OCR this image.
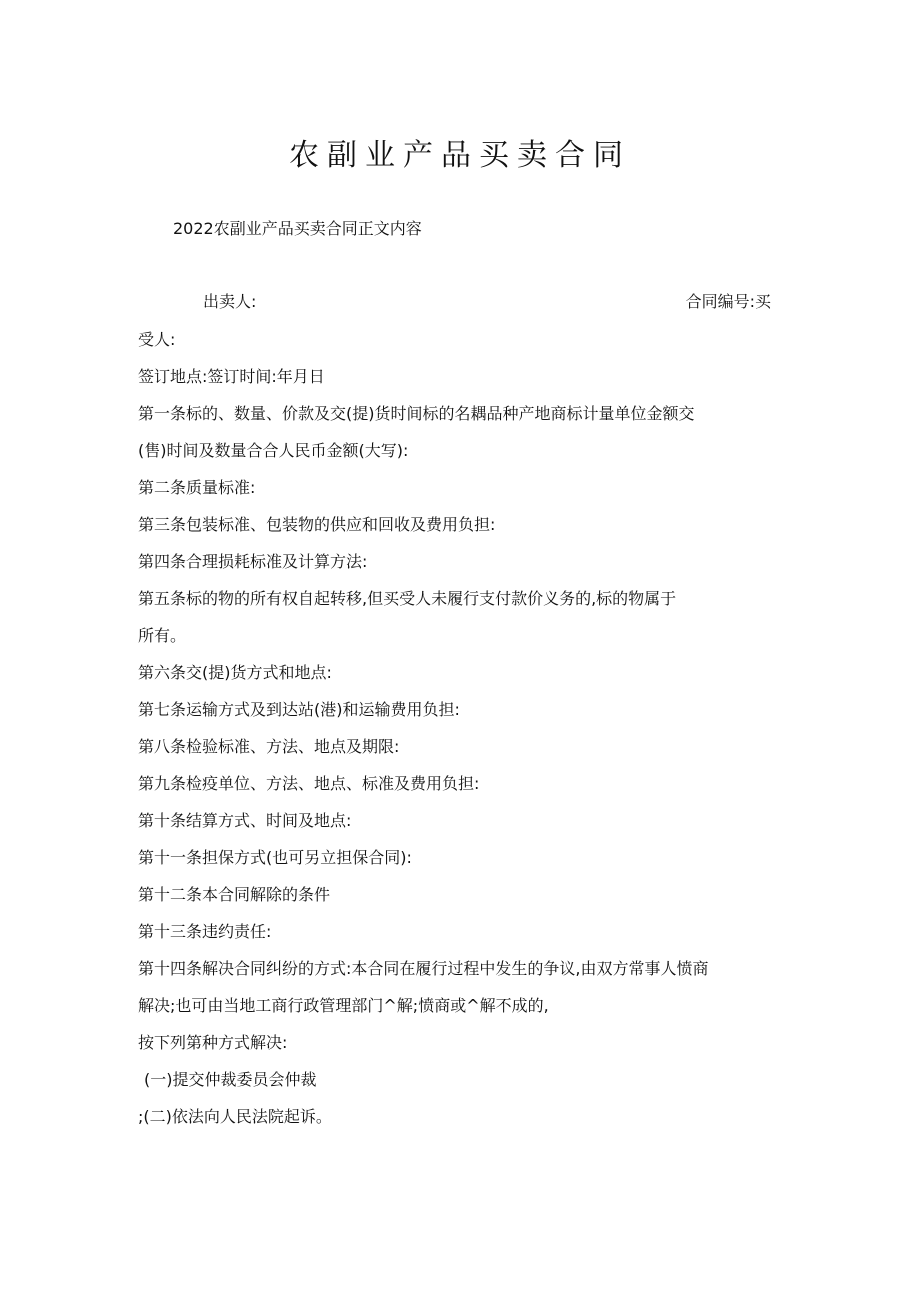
农副业产品买卖合同

2022农副业产品买卖合同正文内容

出卖人:	合同编号:买
受人:
签订地点:签订时间:年月日
第一条标的、数量、价款及交(提)货时间标的名耦品种产地商标计量单位金额交
(售)时间及数量合合人民币金额(大写):
第二条质量标准:
第三条包装标准、包装物的供应和回收及费用负担:
第四条合理损耗标准及计算方法:
第五条标的物的所有权自起转移,但买受人未履行支付款价义务的,标的物属于
所有。
第六条交(提)货方式和地点:
第七条运输方式及到达站(港)和运输费用负担:
第八条检验标准、方法、地点及期限:
第九条检疫单位、方法、地点、标准及费用负担:
第十条结算方式、时间及地点:
第十一条担保方式(也可另立担保合同):
第十二条本合同解除的条件
第十三条违约责任:
第十四条解决合同纠纷的方式:本合同在履行过程中发生的争议,由双方常事人愤商
解决;也可由当地工商行政管理部门^解;愤商或^解不成的,
按下列第种方式解决:
(一)提交仲裁委员会仲裁
;(二)依法向人民法院起诉。
